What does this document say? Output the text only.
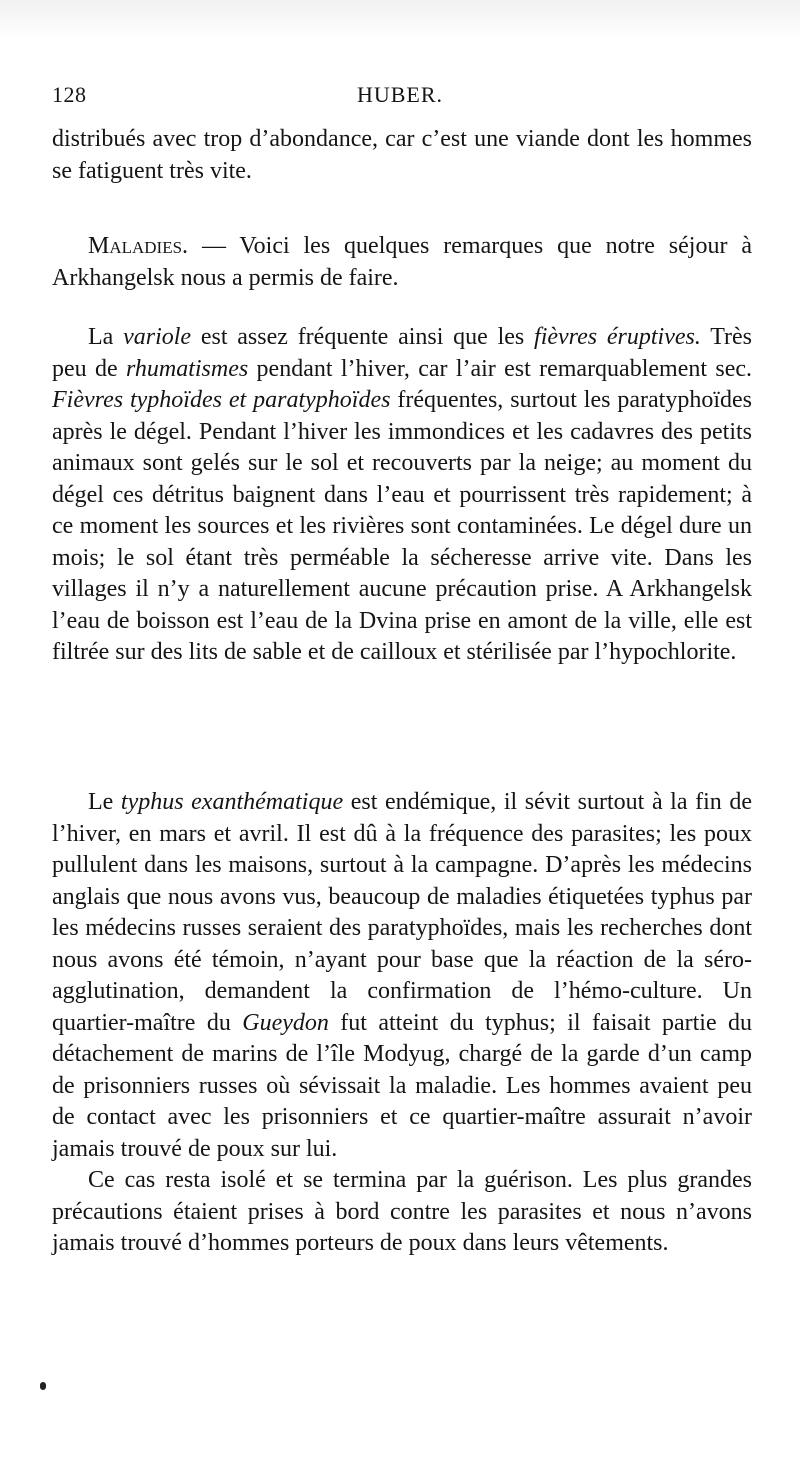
128	HUBER.

distribués avec trop d’abondance, car c’est une viande dont les hommes se fatiguent très vite.

Maladies. — Voici les quelques remarques que notre séjour à Arkhangelsk nous a permis de faire.

La variole est assez fréquente ainsi que les fièvres éruptives. Très peu de rhumatismes pendant l’hiver, car l’air est remarquablement sec. Fièvres typhoïdes et paratyphoïdes fréquentes, surtout les paratyphoïdes après le dégel. Pendant l’hiver les immondices et les cadavres des petits animaux sont gelés sur le sol et recouverts par la neige; au moment du dégel ces détritus baignent dans l’eau et pourrissent très rapidement; à ce moment les sources et les rivières sont contaminées. Le dégel dure un mois; le sol étant très perméable la sécheresse arrive vite. Dans les villages il n’y a naturellement aucune précaution prise. A Arkhangelsk l’eau de boisson est l’eau de la Dvina prise en amont de la ville, elle est filtrée sur des lits de sable et de cailloux et stérilisée par l’hypochlorite.

Le typhus exanthématique est endémique, il sévit surtout à la fin de l’hiver, en mars et avril. Il est dû à la fréquence des parasites; les poux pullulent dans les maisons, surtout à la campagne. D’après les médecins anglais que nous avons vus, beaucoup de maladies étiquetées typhus par les médecins russes seraient des paratyphoïdes, mais les recherches dont nous avons été témoin, n’ayant pour base que la réaction de la séro-agglutination, demandent la confirmation de l’hémo-culture. Un quartier-maître du Gueydon fut atteint du typhus; il faisait partie du détachement de marins de l’île Modyug, chargé de la garde d’un camp de prisonniers russes où sévissait la maladie. Les hommes avaient peu de contact avec les prisonniers et ce quartier-maître assurait n’avoir jamais trouvé de poux sur lui.

Ce cas resta isolé et se termina par la guérison. Les plus grandes précautions étaient prises à bord contre les parasites et nous n’avons jamais trouvé d’hommes porteurs de poux dans leurs vêtements.
